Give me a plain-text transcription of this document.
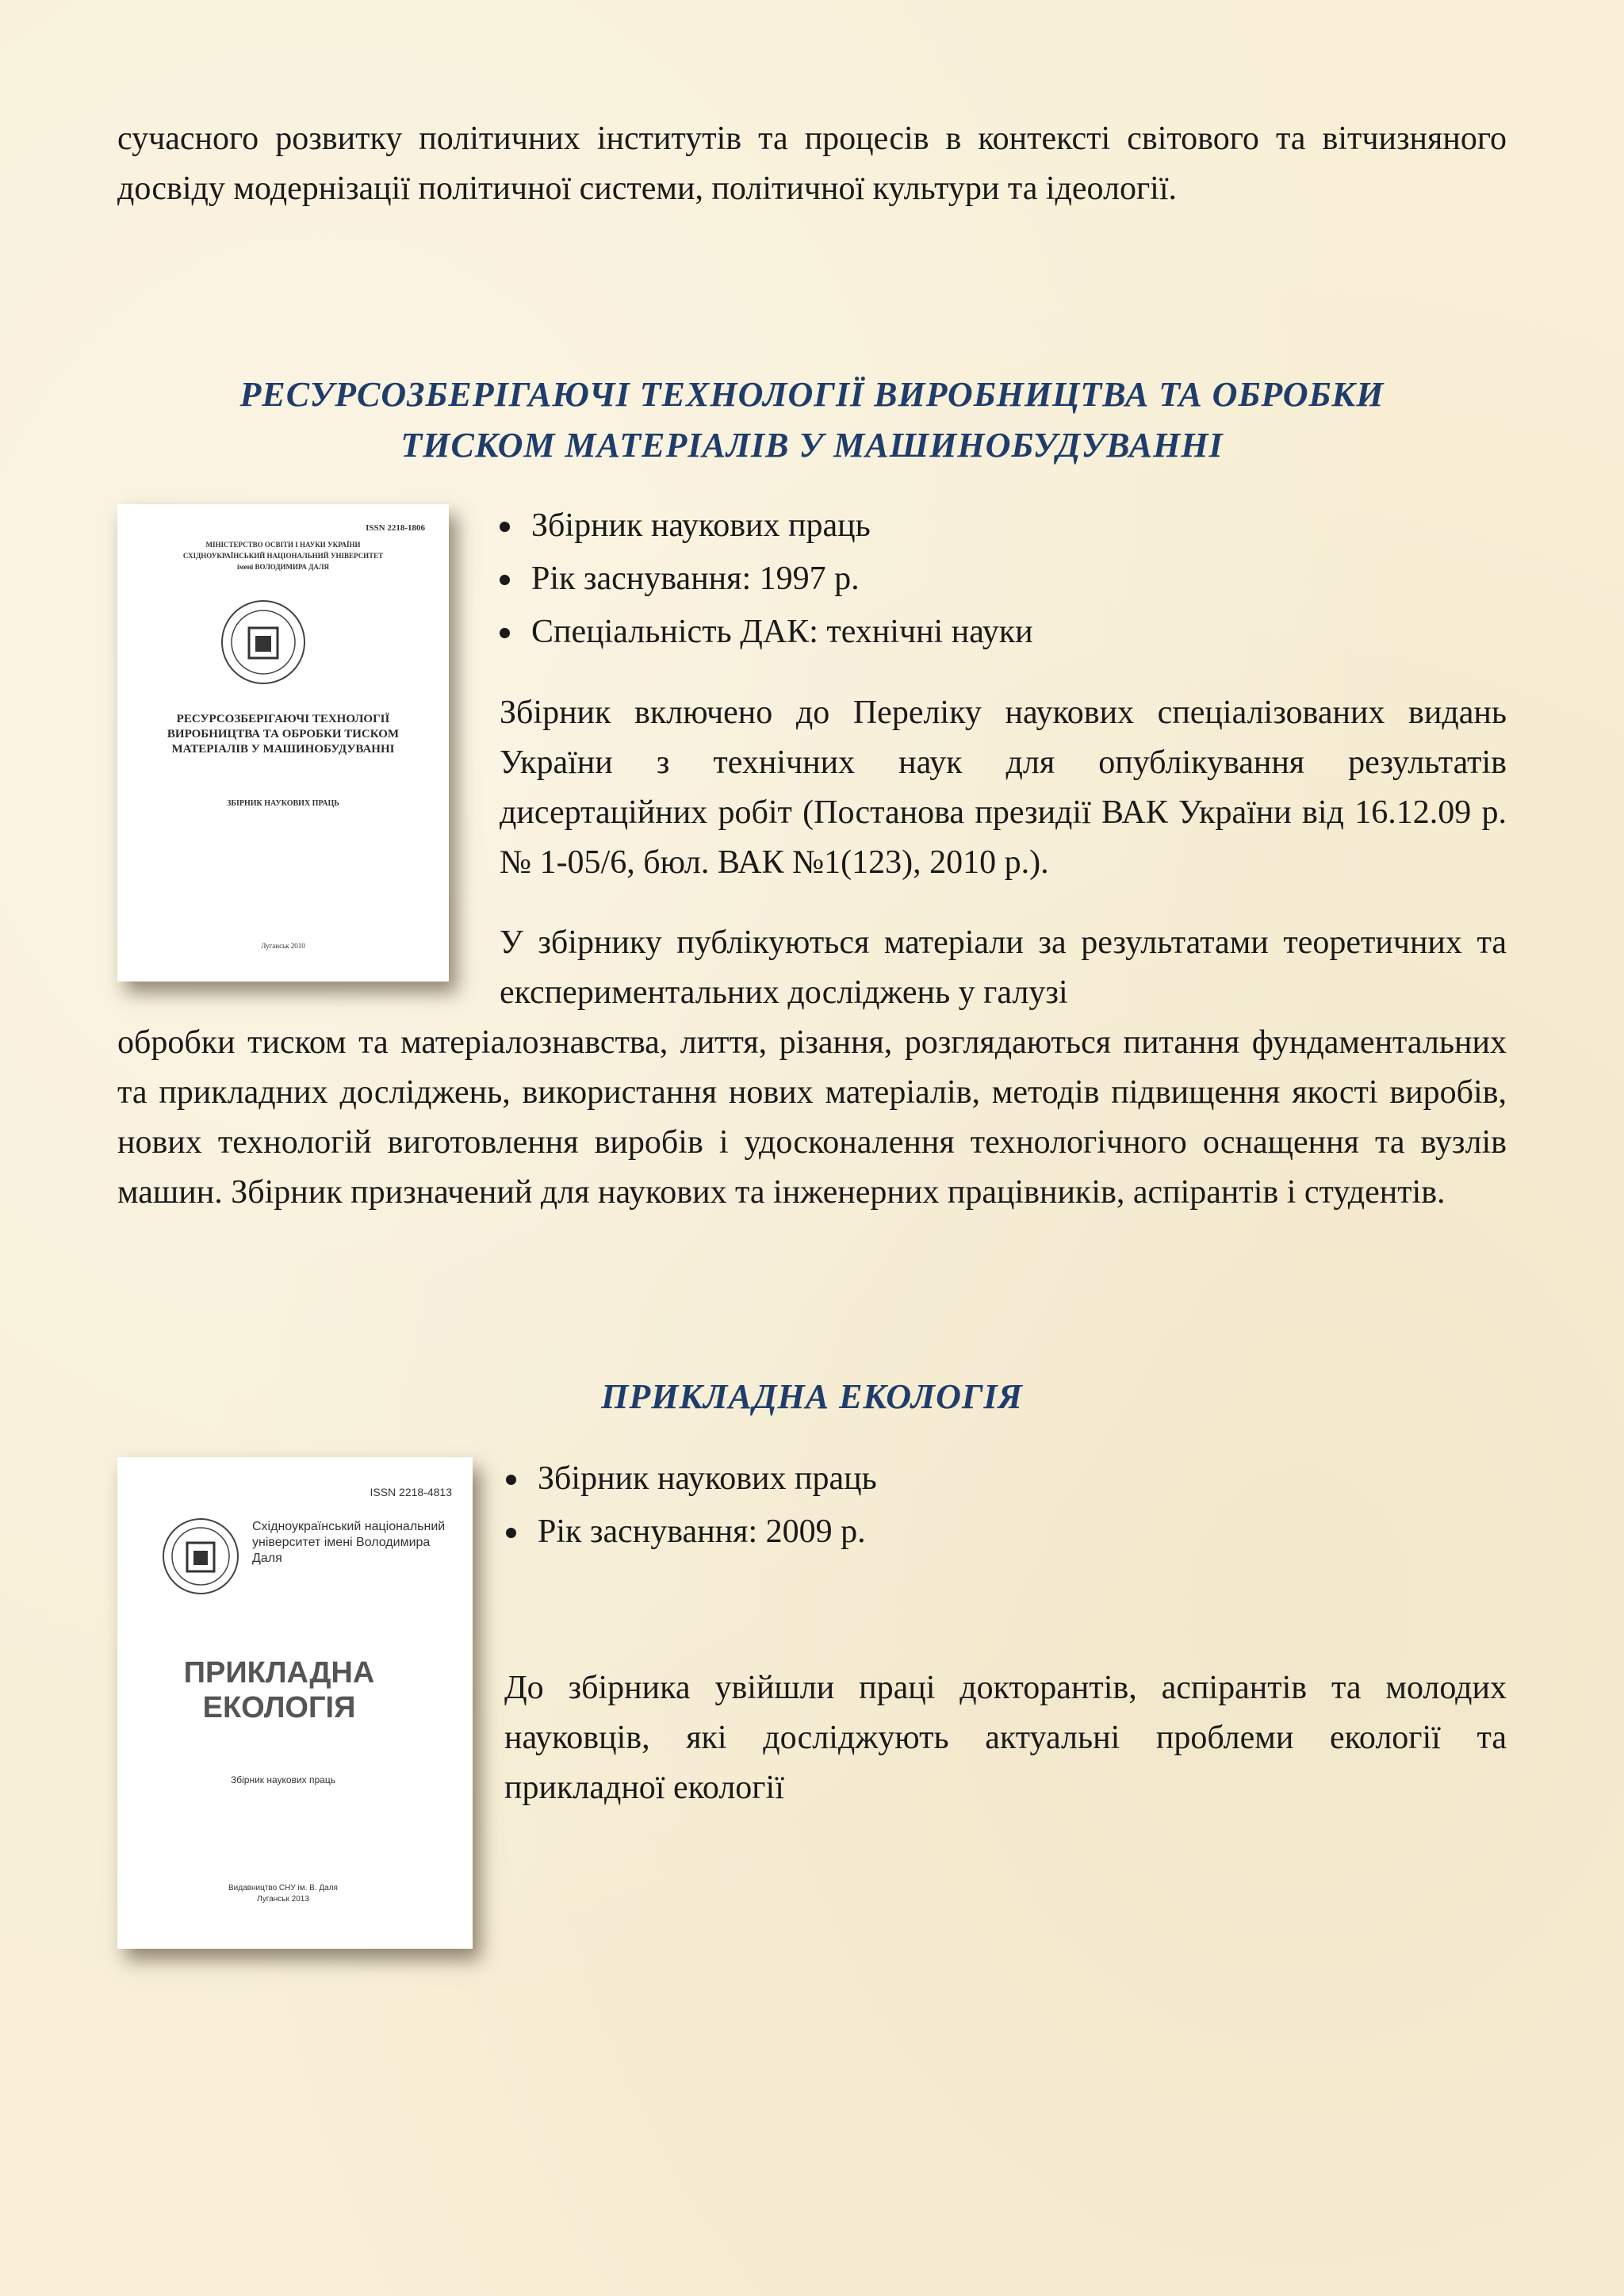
сучасного розвитку політичних інститутів та процесів в контексті світового та вітчизняного досвіду модернізації політичної системи, політичної культури та ідеології.

РЕСУРСОЗБЕРІГАЮЧІ ТЕХНОЛОГІЇ ВИРОБНИЦТВА ТА ОБРОБКИ
ТИСКОМ МАТЕРІАЛІВ У МАШИНОБУДУВАННІ
ISSN 2218-1806
МІНІСТЕРСТВО ОСВІТИ І НАУКИ УКРАЇНИ
СХІДНОУКРАЇНСЬКИЙ НАЦІОНАЛЬНИЙ УНІВЕРСИТЕТ
імені ВОЛОДИМИРА ДАЛЯ
РЕСУРСОЗБЕРІГАЮЧІ ТЕХНОЛОГІЇ ВИРОБНИЦТВА ТА ОБРОБКИ ТИСКОМ МАТЕРІАЛІВ У МАШИНОБУДУВАННІ
ЗБІРНИК НАУКОВИХ ПРАЦЬ
Луганськ 2010
Збірник наукових праць
Рік заснування: 1997 р.
Спеціальність ДАК: технічні науки

Збірник включено до Переліку наукових спеціалізованих видань України з технічних наук для опублікування результатів дисертаційних робіт (Постанова президії ВАК України від 16.12.09 р. № 1-05/6, бюл. ВАК №1(123), 2010 р.).

У збірнику публікуються матеріали за результатами теоретичних та експериментальних досліджень у галузі

обробки тиском та матеріалознавства, лиття, різання, розглядаються питання фундаментальних та прикладних досліджень, використання нових матеріалів, методів підвищення якості виробів, нових технологій виготовлення виробів і удосконалення технологічного оснащення та вузлів машин. Збірник призначений для наукових та інженерних працівників, аспірантів і студентів.

ПРИКЛАДНА ЕКОЛОГІЯ
ISSN 2218-4813
Східноукраїнський національний університет імені Володимира Даля
ПРИКЛАДНА
ЕКОЛОГІЯ
Збірник наукових праць
Видавництво СНУ ім. В. Даля
Луганськ 2013
Збірник наукових праць
Рік заснування: 2009 р.

До збірника увійшли праці докторантів, аспірантів та молодих науковців, які досліджують актуальні проблеми екології та прикладної екології
